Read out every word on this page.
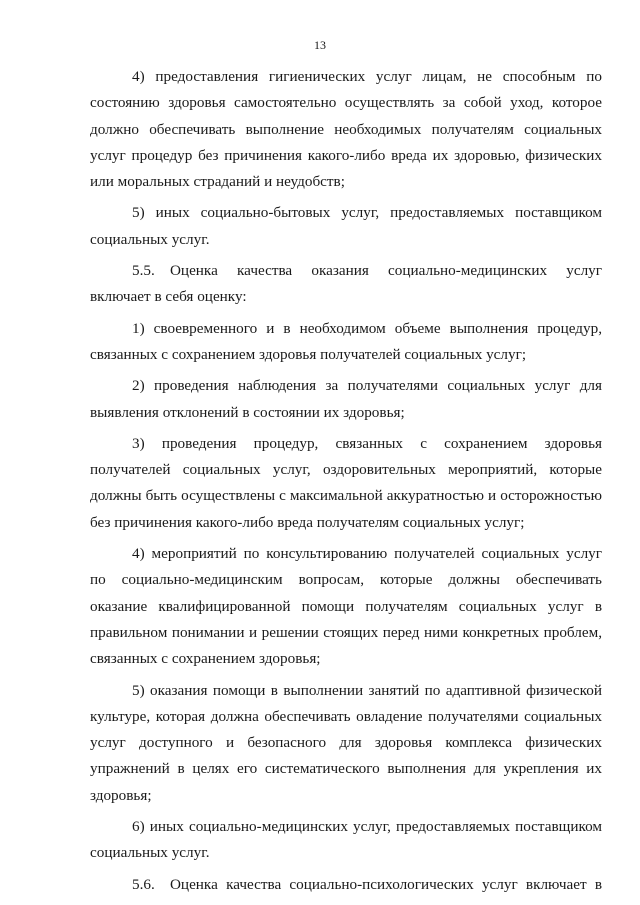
13

4) предоставления гигиенических услуг лицам, не способным по состоянию здоровья самостоятельно осуществлять за собой уход, которое должно обеспечивать выполнение необходимых получателям социальных услуг процедур без причинения какого-либо вреда их здоровью, физических или моральных страданий и неудобств;

5) иных социально-бытовых услуг, предоставляемых поставщиком социальных услуг.

5.5. Оценка качества оказания социально-медицинских услуг включает в себя оценку:

1) своевременного и в необходимом объеме выполнения процедур, связанных с сохранением здоровья получателей социальных услуг;

2) проведения наблюдения за получателями социальных услуг для выявления отклонений в состоянии их здоровья;

3) проведения процедур, связанных с сохранением здоровья получателей социальных услуг, оздоровительных мероприятий, которые должны быть осуществлены с максимальной аккуратностью и осторожностью без причинения какого-либо вреда получателям социальных услуг;

4) мероприятий по консультированию получателей социальных услуг по социально-медицинским вопросам, которые должны обеспечивать оказание квалифицированной помощи получателям социальных услуг в правильном понимании и решении стоящих перед ними конкретных проблем, связанных с сохранением здоровья;

5) оказания помощи в выполнении занятий по адаптивной физической культуре, которая должна обеспечивать овладение получателями социальных услуг доступного и безопасного для здоровья комплекса физических упражнений в целях его систематического выполнения для укрепления их здоровья;

6) иных социально-медицинских услуг, предоставляемых поставщиком социальных услуг.

5.6. Оценка качества социально-психологических услуг включает в
